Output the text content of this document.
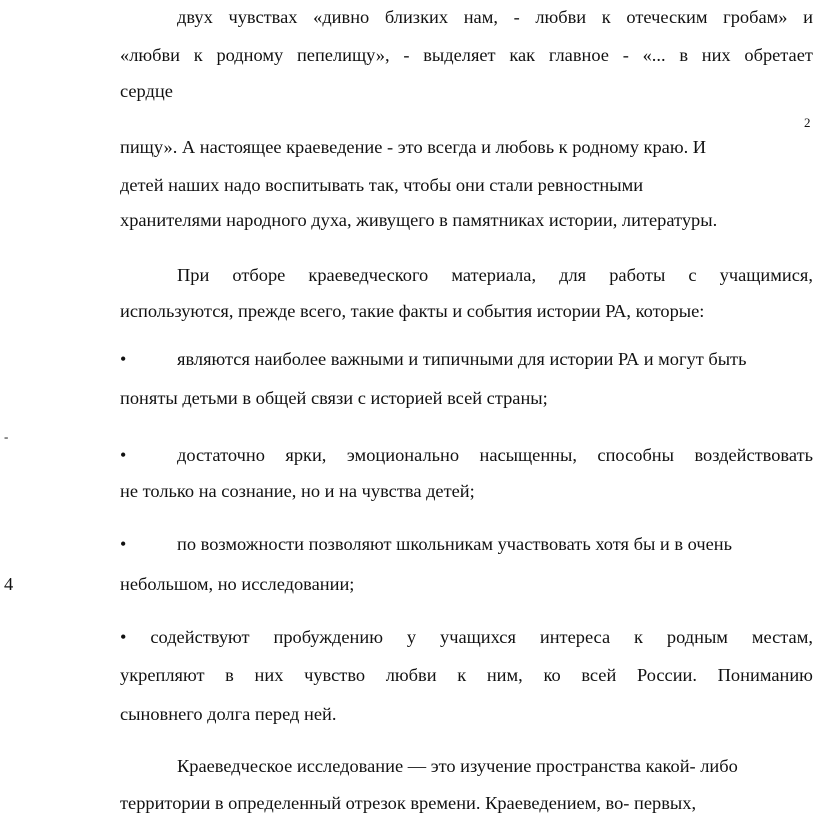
двух чувствах «дивно близких нам, - любви к отеческим гробам» и
«любви к родному пепелищу», - выделяет как главное - «... в них обретает
сердце
2
пищу». А настоящее краеведение - это всегда и любовь к родному краю. И
детей наших надо воспитывать так, чтобы они стали ревностными
хранителями народного духа, живущего в памятниках истории, литературы.
При отборе краеведческого материала, для работы с учащимися,
используются, прежде всего, такие факты и события истории РА, которые:
•	являются наиболее важными и типичными для истории РА и могут быть
поняты детьми в общей связи с историей всей страны;
-
•	достаточно ярки, эмоционально насыщенны, способны воздействовать
не только на сознание, но и на чувства детей;
•	по возможности позволяют школьникам участвовать хотя бы и в очень
4	небольшом, но исследовании;
• содействуют пробуждению у учащихся интереса к родным местам,
укрепляют в них чувство любви к ним, ко всей России. Пониманию
сыновнего долга перед ней.
Краеведческое исследование — это изучение пространства какой- либо
территории в определенный отрезок времени. Краеведением, во- первых,
